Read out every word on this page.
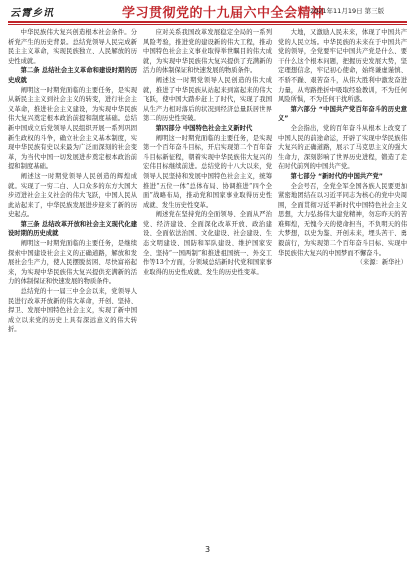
云霄乡讯	学习贯彻党的十九届六中全会精神
2021年11月19日 第三版

中华民族伟大复兴创造根本社会条件。分析党产生的历史背景。总结党领导人民完成新民主主义革命，实现民族独立、人民解放的历史性成就。

第二条 总结社会主义革命和建设时期的历史成就

阐明这一时期党面临的主要任务，是实现从新民主主义到社会主义的转变，进行社会主义革命，推进社会主义建设，为实现中华民族伟大复兴奠定根本政治前提和制度基础。总结新中国成立后党领导人民组织开展一系列巩固新生政权的斗争，确立社会主义基本制度，实现中华民族有史以来最为广泛而深刻的社会变革，为当代中国一切发展进步奠定根本政治前提和制度基础。

阐述这一时期党领导人民创造的辉煌成就。实现了一穷二白、人口众多的东方大国大步迈进社会主义社会的伟大飞跃，中国人民从此站起来了，中华民族发展进步迎来了新的历史起点。

第三条 总结改革开放和社会主义现代化建设时期的历史成就

阐明这一时期党面临的主要任务，是继续探索中国建设社会主义的正确道路，解放和发展社会生产力，使人民摆脱贫困、尽快富裕起来，为实现中华民族伟大复兴提供充满新的活力的体制保证和快速发展的物质条件。

总结党的十一届三中全会以来，党领导人民进行改革开放新的伟大革命，开创、坚持、捍卫、发展中国特色社会主义，实现了新中国成立以来党的历史上具有深远意义的伟大转折。

应对关系我国改革发展稳定全局的一系列风险考验，推进党的建设新的伟大工程，推动中国特色社会主义事业取得举世瞩目的伟大成就，为实现中华民族伟大复兴提供了充满新的活力的体制保证和快速发展的物质条件。

阐述这一时期党领导人民创造的伟大成就，推进了中华民族从站起来到富起来的伟大飞跃，使中国大踏步赶上了时代，实现了我国从生产力相对落后的状况到经济总量跃居世界第二的历史性突破。

第四部分 中国特色社会主义新时代

阐明这一时期党面临的主要任务，是实现第一个百年奋斗目标，开启实现第二个百年奋斗目标新征程，朝着实现中华民族伟大复兴的宏伟目标继续前进。总结党的十八大以来，党领导人民坚持和发展中国特色社会主义，统筹推进“五位一体”总体布局、协调推进“四个全面”战略布局，推动党和国家事业取得历史性成就、发生历史性变革。

阐述党在坚持党的全面领导、全面从严治党、经济建设、全面深化改革开放、政治建设、全面依法治国、文化建设、社会建设、生态文明建设、国防和军队建设、维护国家安全、坚持“一国两制”和推进祖国统一、外交工作等13个方面，分领域总结新时代党和国家事业取得的历史性成就、发生的历史性变革。

大地，又激励人民未来，体现了中国共产党的人民立场。中华民族的未来在于中国共产党的领导，全党要牢记中国共产党是什么、要干什么这个根本问题，把握历史发展大势，坚定理想信念，牢记初心使命，始终谦虚谨慎、不骄不躁、艰苦奋斗，从伟大胜利中激发奋进力量，从弯路挫折中吸取经验教训，不为任何风险所惧，不为任何干扰所惑。

第六部分 “中国共产党百年奋斗的历史意义”

全会指出，党的百年奋斗从根本上改变了中国人民的前途命运，开辟了实现中华民族伟大复兴的正确道路，展示了马克思主义的强大生命力，深刻影响了世界历史进程，锻造了走在时代前列的中国共产党。

第七部分 “新时代的中国共产党”

全会号召，全党全军全国各族人民要更加紧密地团结在以习近平同志为核心的党中央周围，全面贯彻习近平新时代中国特色社会主义思想，大力弘扬伟大建党精神，勿忘昨天的苦难辉煌，无愧今天的使命担当，不负明天的伟大梦想，以史为鉴、开创未来，埋头苦干、勇毅前行，为实现第二个百年奋斗目标、实现中华民族伟大复兴的中国梦而不懈奋斗。

（来源：新华社）

3
